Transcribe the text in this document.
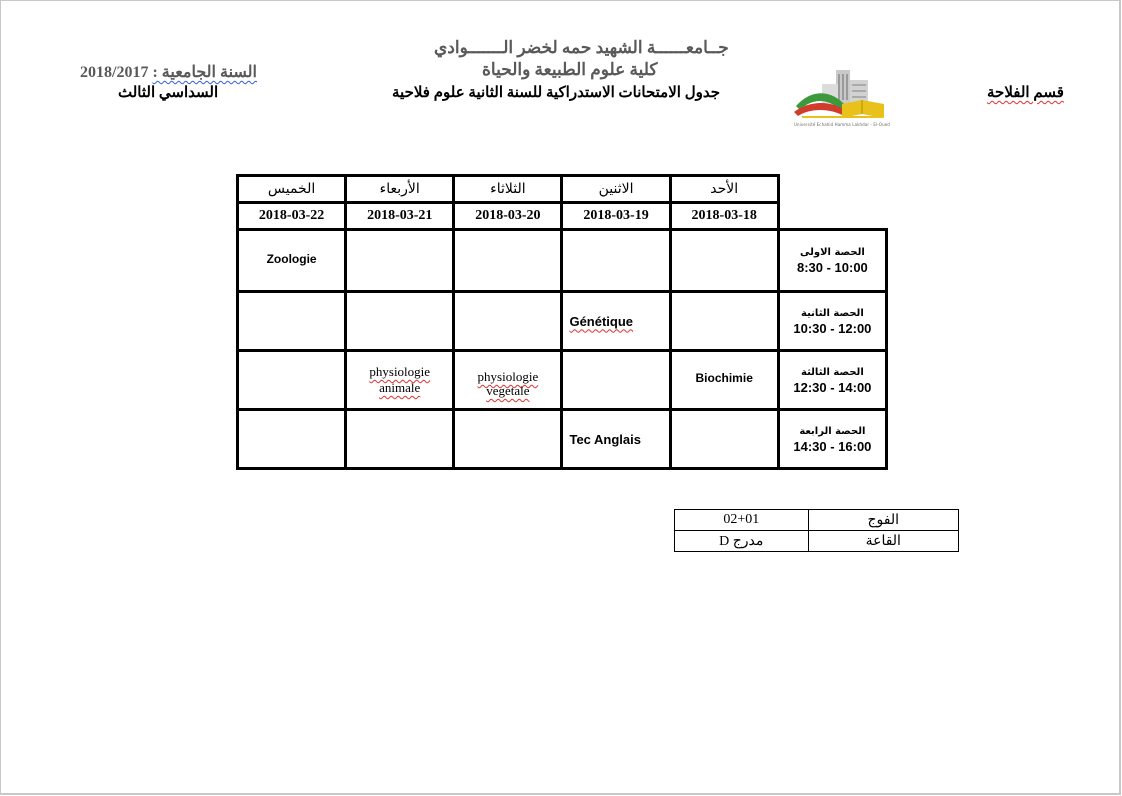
جــامعــــــة الشهيد حمه لخضر الـــــــوادي
كلية علوم الطبيعة والحياة
السنة الجامعية : 2018/2017
السداسي الثالث	جدول الامتحانات الاستدراكية للسنة الثانية علوم فلاحية	قسم الفلاحة
Université Echahid Hamma Lakhdar - El-Oued
الخميس	الأربعاء	الثلاثاء	الاثنين	الأحد	
2018-03-22	2018-03-21	2018-03-20	2018-03-19	2018-03-18	
Zoologie					الحصة الاولى
8:30 - 10:00

			Génétique		الحصة الثانية
10:30 - 12:00

	physiologie animale	physiologie vegetale		Biochimie	الحصة الثالثة
12:30 - 14:00

			Tec Anglais		الحصة الرابعة
14:30 - 16:00
02+01	الفوج
مدرج D	القاعة
